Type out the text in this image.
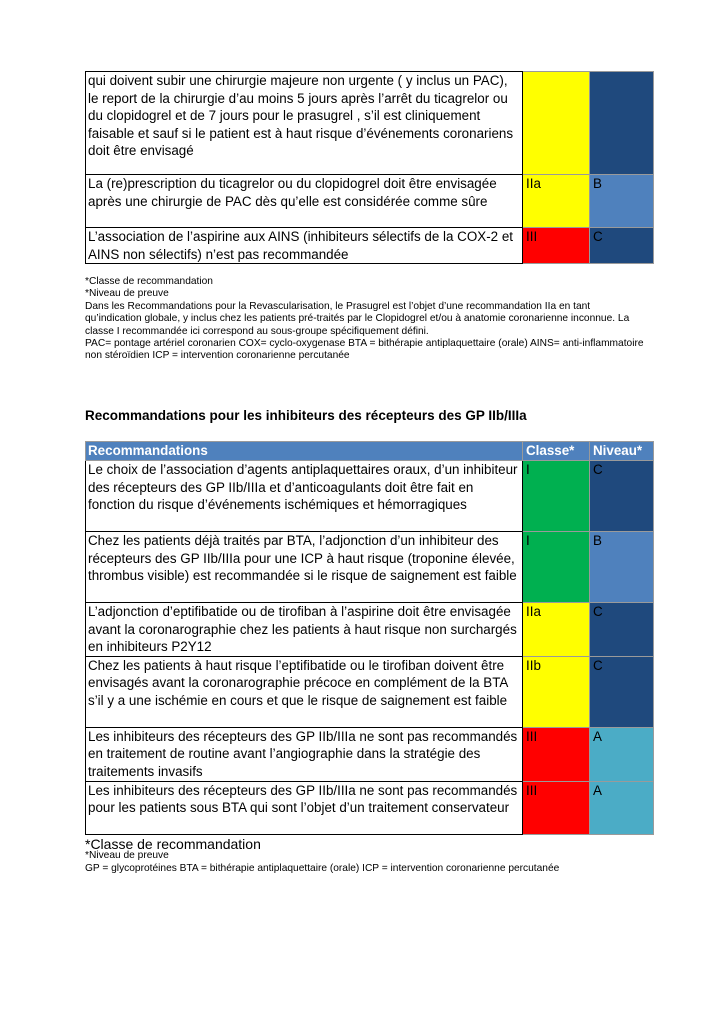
qui doivent subir une chirurgie majeure non urgente ( y inclus un PAC), le report de la chirurgie d’au moins 5 jours après l’arrêt du ticagrelor ou du clopidogrel et de 7 jours pour le prasugrel , s’il est cliniquement faisable et sauf si le patient est à haut risque d’événements coronariens doit être envisagé		
La (re)prescription du ticagrelor ou du clopidogrel doit être envisagée après une chirurgie de PAC dès qu’elle est considérée comme sûre	IIa	B
L’association de l’aspirine aux AINS (inhibiteurs sélectifs de la COX-2 et AINS non sélectifs) n’est pas recommandée	III	C
*Classe de recommandation
*Niveau de preuve
Dans les Recommandations pour la Revascularisation, le Prasugrel est l’objet d’une recommandation IIa en tant qu’indication globale, y inclus chez les patients pré-traités par le Clopidogrel et/ou à anatomie coronarienne inconnue. La classe I recommandée ici correspond au sous-groupe spécifiquement défini.
PAC= pontage artériel coronarien COX= cyclo-oxygenase BTA = bithérapie antiplaquettaire (orale) AINS= anti-inflammatoire non stéroïdien ICP = intervention coronarienne percutanée
Recommandations pour les inhibiteurs des récepteurs des GP IIb/IIIa
Recommandations	Classe*	Niveau*
Le choix de l’association d’agents antiplaquettaires oraux, d’un inhibiteur des récepteurs des GP IIb/IIIa et d’anticoagulants doit être fait en fonction du risque d’événements ischémiques et hémorragiques	I	C
Chez les patients déjà traités par BTA, l’adjonction d’un inhibiteur des récepteurs des GP IIb/IIIa pour une ICP à haut risque (troponine élevée, thrombus visible) est recommandée si le risque de saignement est faible	I	B
L’adjonction d’eptifibatide ou de tirofiban à l’aspirine doit être envisagée avant la coronarographie chez les patients à haut risque non surchargés en inhibiteurs P2Y12	IIa	C
Chez les patients à haut risque l’eptifibatide ou le tirofiban doivent être envisagés avant la coronarographie précoce en complément de la BTA s’il y a une ischémie en cours et que le risque de saignement est faible	IIb	C
Les inhibiteurs des récepteurs des GP IIb/IIIa ne sont pas recommandés en traitement de routine avant l’angiographie dans la stratégie des traitements invasifs	III	A
Les inhibiteurs des récepteurs des GP IIb/IIIa ne sont pas recommandés pour les patients sous BTA qui sont l’objet d’un traitement conservateur	III	A
*Classe de recommandation
*Niveau de preuve
GP = glycoprotéines BTA = bithérapie antiplaquettaire (orale) ICP = intervention coronarienne percutanée
